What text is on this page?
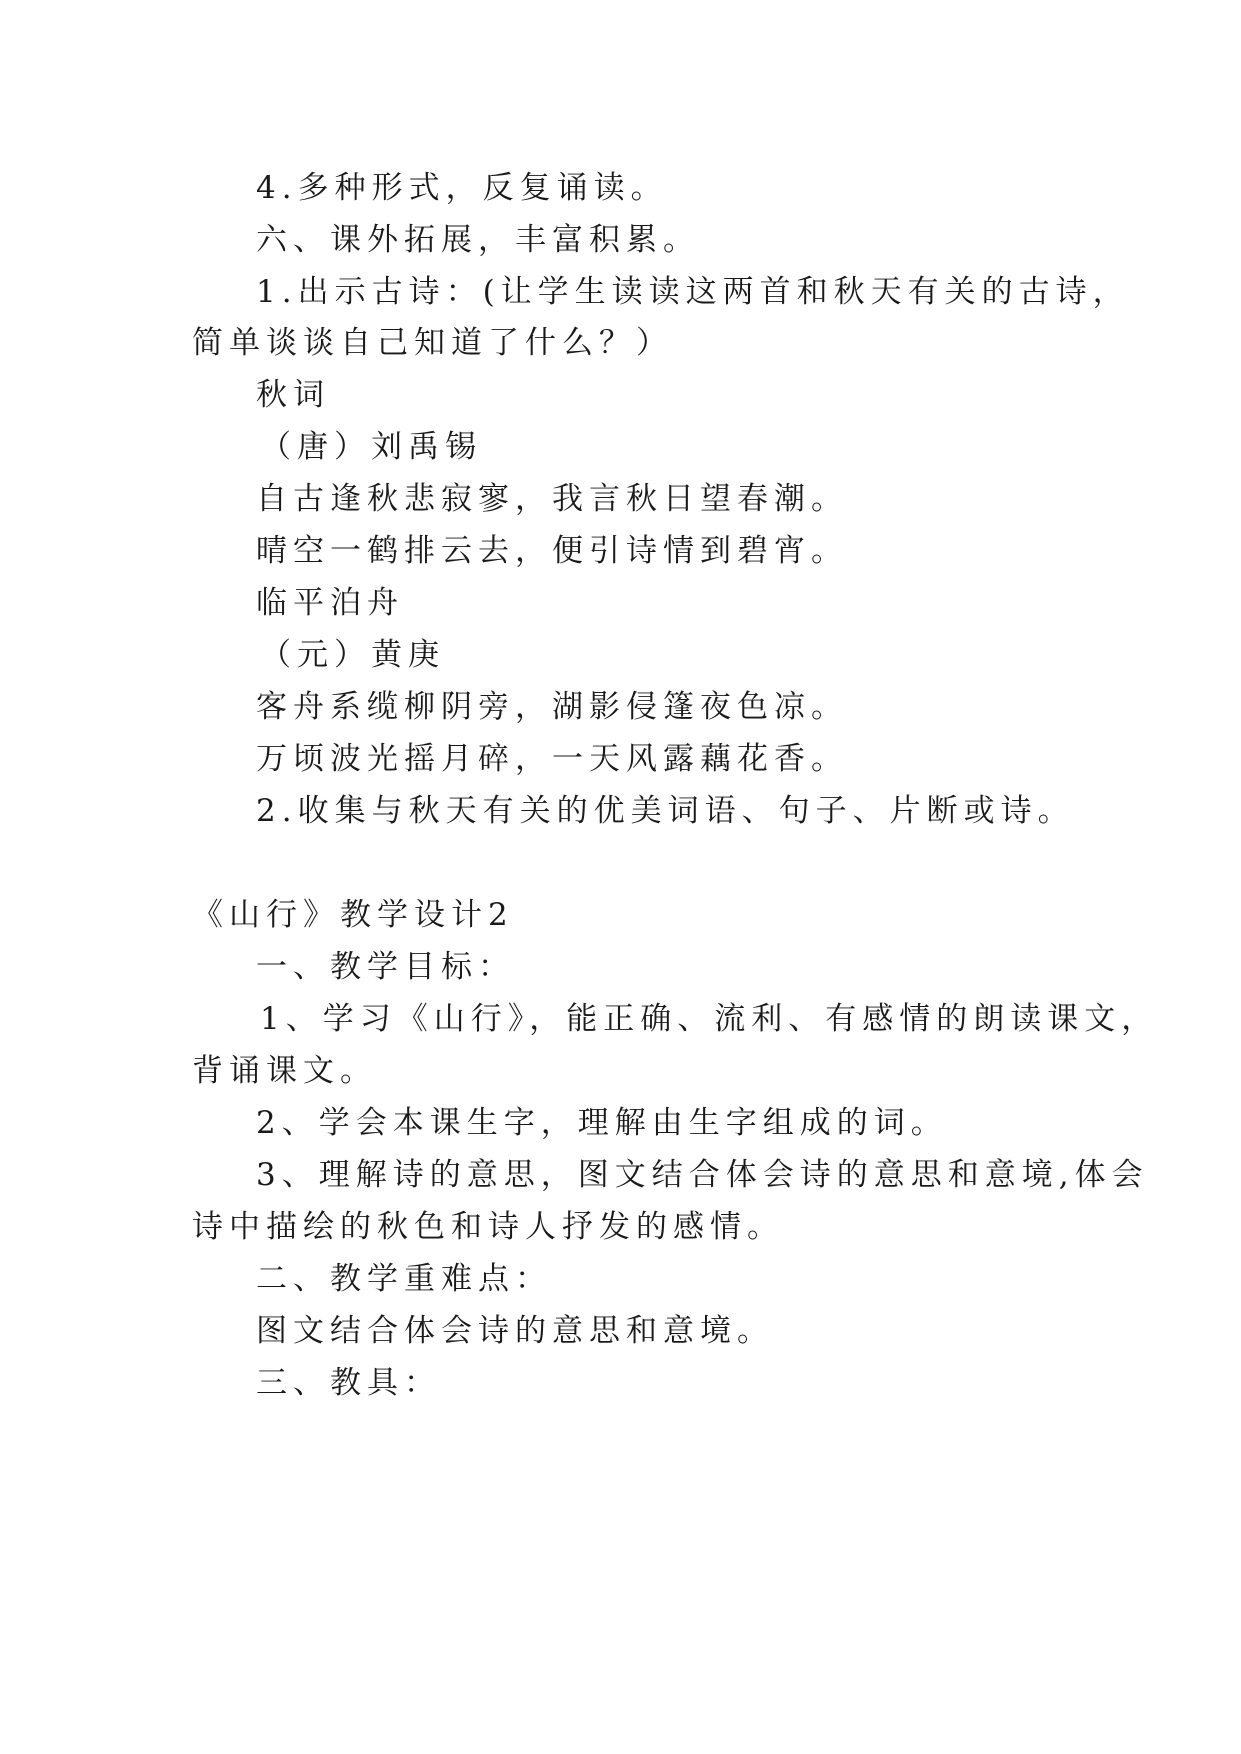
4.多种形式，反复诵读。
六、课外拓展，丰富积累。
1.出示古诗：(让学生读读这两首和秋天有关的古诗，
简单谈谈自己知道了什么？）
秋词
（唐）刘禹锡
自古逢秋悲寂寥，我言秋日望春潮。
晴空一鹤排云去，便引诗情到碧宵。
临平泊舟
（元）黄庚
客舟系缆柳阴旁，湖影侵篷夜色凉。
万顷波光摇月碎，一天风露藕花香。
2.收集与秋天有关的优美词语、句子、片断或诗。
《山行》教学设计2
一、教学目标：
1、学习《山行》，能正确、流利、有感情的朗读课文，
背诵课文。
2、学会本课生字，理解由生字组成的词。
3、理解诗的意思，图文结合体会诗的意思和意境,体会
诗中描绘的秋色和诗人抒发的感情。
二、教学重难点：
图文结合体会诗的意思和意境。
三、教具：
